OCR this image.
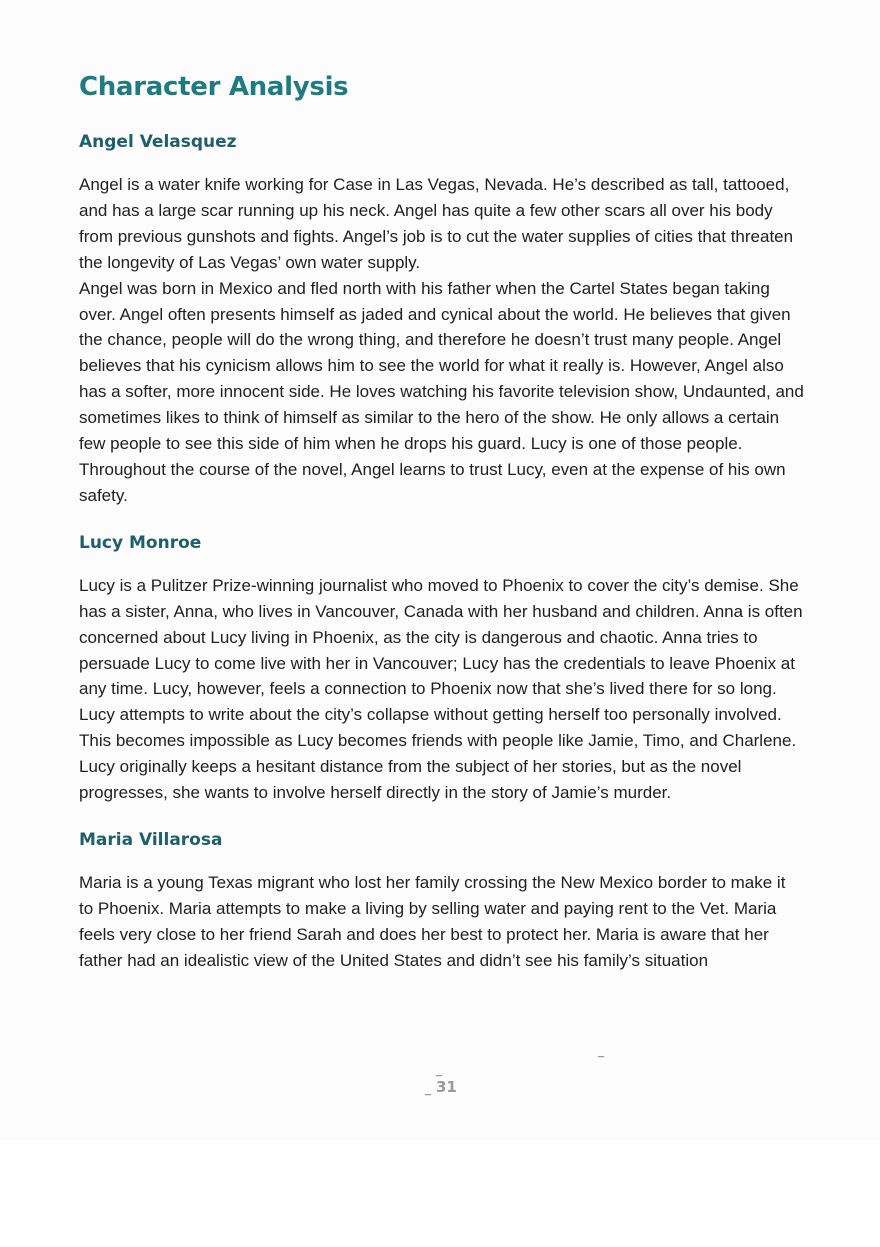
Character Analysis
Angel Velasquez

Angel is a water knife working for Case in Las Vegas, Nevada. He’s described as tall, tattooed, and has a large scar running up his neck. Angel has quite a few other scars all over his body from previous gunshots and fights. Angel’s job is to cut the water supplies of cities that threaten the longevity of Las Vegas’ own water supply.

Angel was born in Mexico and fled north with his father when the Cartel States began taking over. Angel often presents himself as jaded and cynical about the world. He believes that given the chance, people will do the wrong thing, and therefore he doesn’t trust many people. Angel believes that his cynicism allows him to see the world for what it really is. However, Angel also has a softer, more innocent side. He loves watching his favorite television show, Undaunted, and sometimes likes to think of himself as similar to the hero of the show. He only allows a certain few people to see this side of him when he drops his guard. Lucy is one of those people. Throughout the course of the novel, Angel learns to trust Lucy, even at the expense of his own safety.

Lucy Monroe

Lucy is a Pulitzer Prize-winning journalist who moved to Phoenix to cover the city’s demise. She has a sister, Anna, who lives in Vancouver, Canada with her husband and children. Anna is often concerned about Lucy living in Phoenix, as the city is dangerous and chaotic. Anna tries to persuade Lucy to come live with her in Vancouver; Lucy has the credentials to leave Phoenix at any time. Lucy, however, feels a connection to Phoenix now that she’s lived there for so long. Lucy attempts to write about the city’s collapse without getting herself too personally involved. This becomes impossible as Lucy becomes friends with people like Jamie, Timo, and Charlene. Lucy originally keeps a hesitant distance from the subject of her stories, but as the novel progresses, she wants to involve herself directly in the story of Jamie’s murder.

Maria Villarosa

Maria is a young Texas migrant who lost her family crossing the New Mexico border to make it to Phoenix. Maria attempts to make a living by selling water and paying rent to the Vet. Maria feels very close to her friend Sarah and does her best to protect her. Maria is aware that her father had an idealistic view of the United States and didn’t see his family’s situation

_
_
_ 31
